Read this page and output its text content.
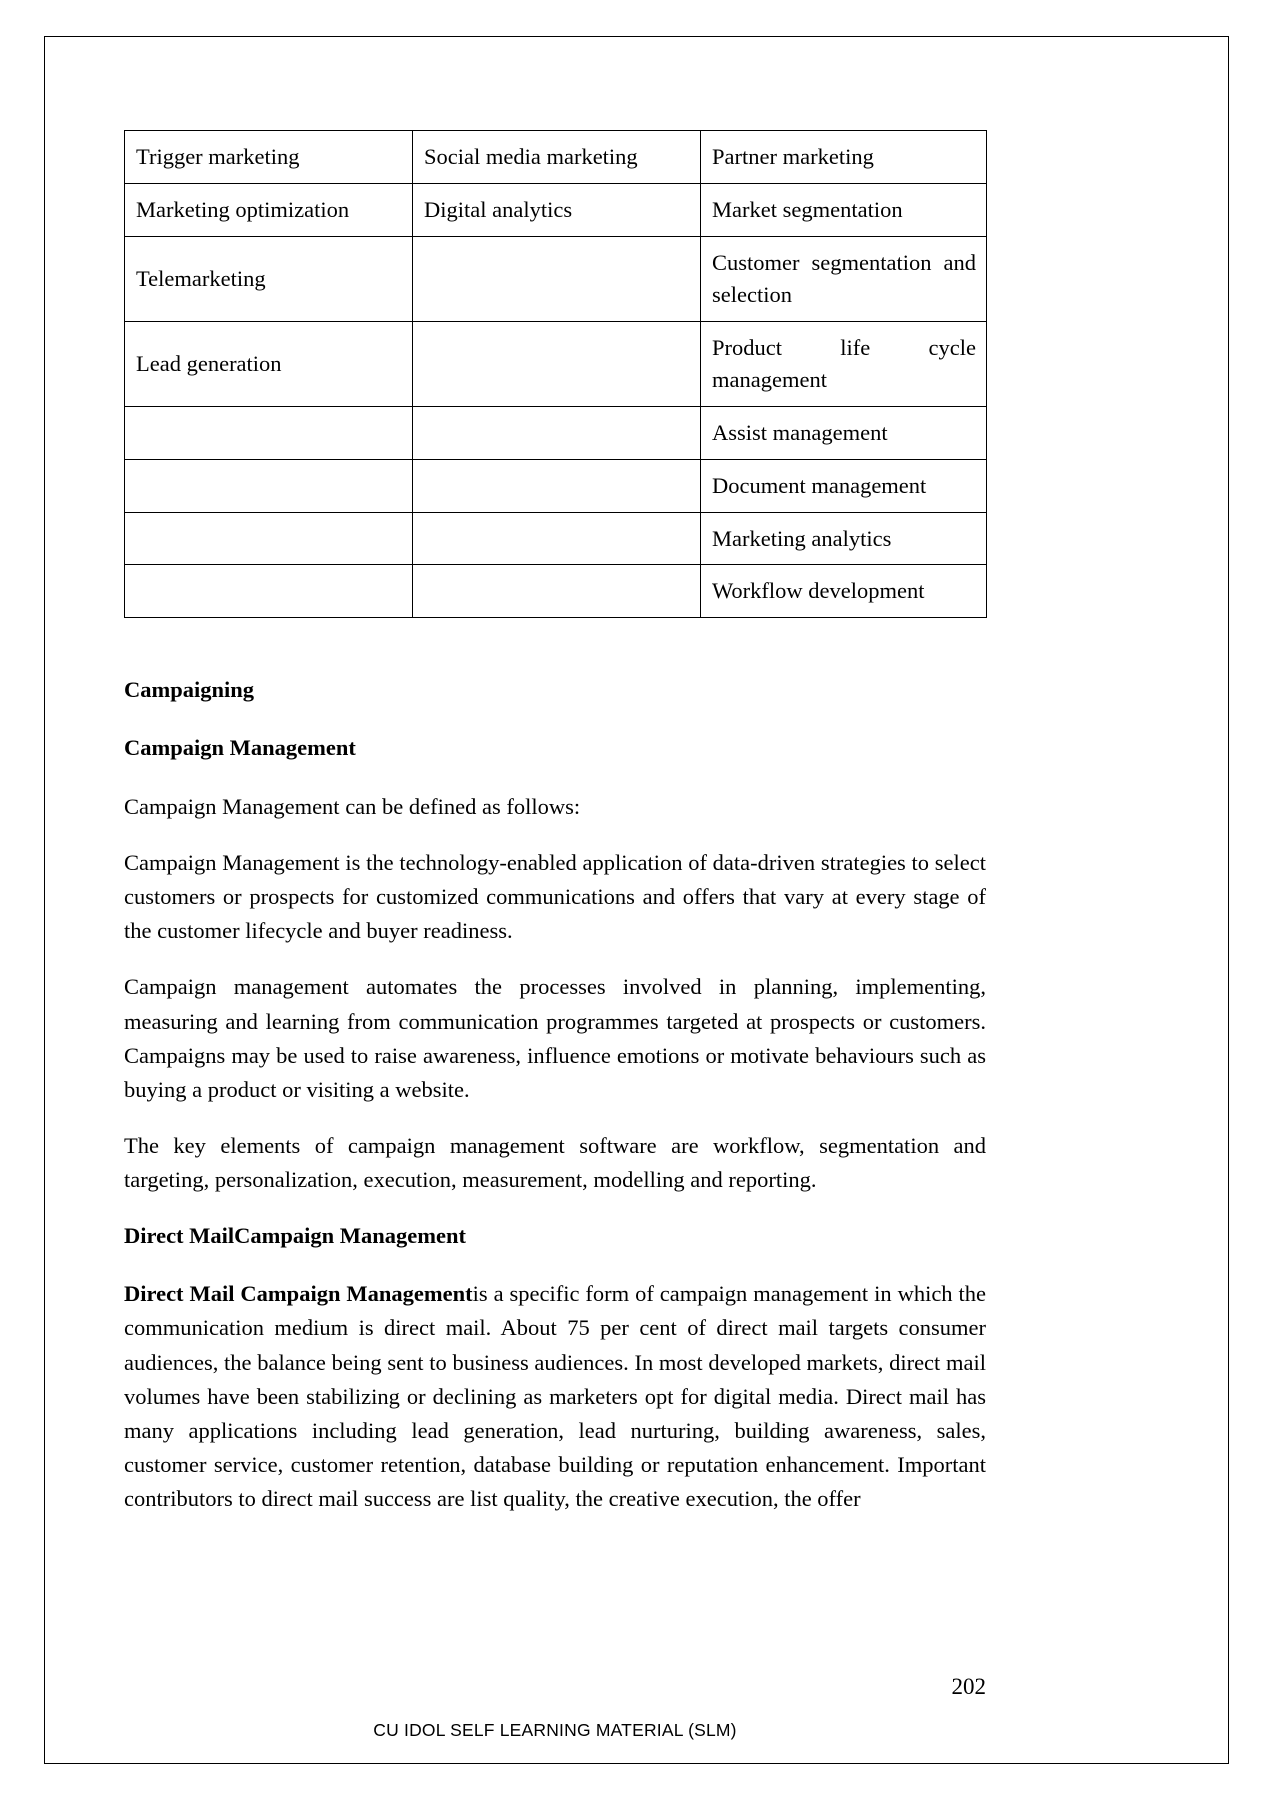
Trigger marketing	Social media marketing	Partner marketing
Marketing optimization	Digital analytics	Market segmentation
Telemarketing		Customer segmentation and
selection

Lead generation		Product life cycle
management

		Assist management
		Document management
		Marketing analytics
		Workflow development
Campaigning
Campaign Management

Campaign Management can be defined as follows:

Campaign Management is the technology-enabled application of data-driven strategies to select customers or prospects for customized communications and offers that vary at every stage of the customer lifecycle and buyer readiness.

Campaign management automates the processes involved in planning, implementing, measuring and learning from communication programmes targeted at prospects or customers. Campaigns may be used to raise awareness, influence emotions or motivate behaviours such as buying a product or visiting a website.

The key elements of campaign management software are workflow, segmentation and targeting, personalization, execution, measurement, modelling and reporting.

Direct MailCampaign Management

Direct Mail Campaign Managementis a specific form of campaign management in which the communication medium is direct mail. About 75 per cent of direct mail targets consumer audiences, the balance being sent to business audiences. In most developed markets, direct mail volumes have been stabilizing or declining as marketers opt for digital media. Direct mail has many applications including lead generation, lead nurturing, building awareness, sales, customer service, customer retention, database building or reputation enhancement. Important contributors to direct mail success are list quality, the creative execution, the offer

202
CU IDOL SELF LEARNING MATERIAL (SLM)
